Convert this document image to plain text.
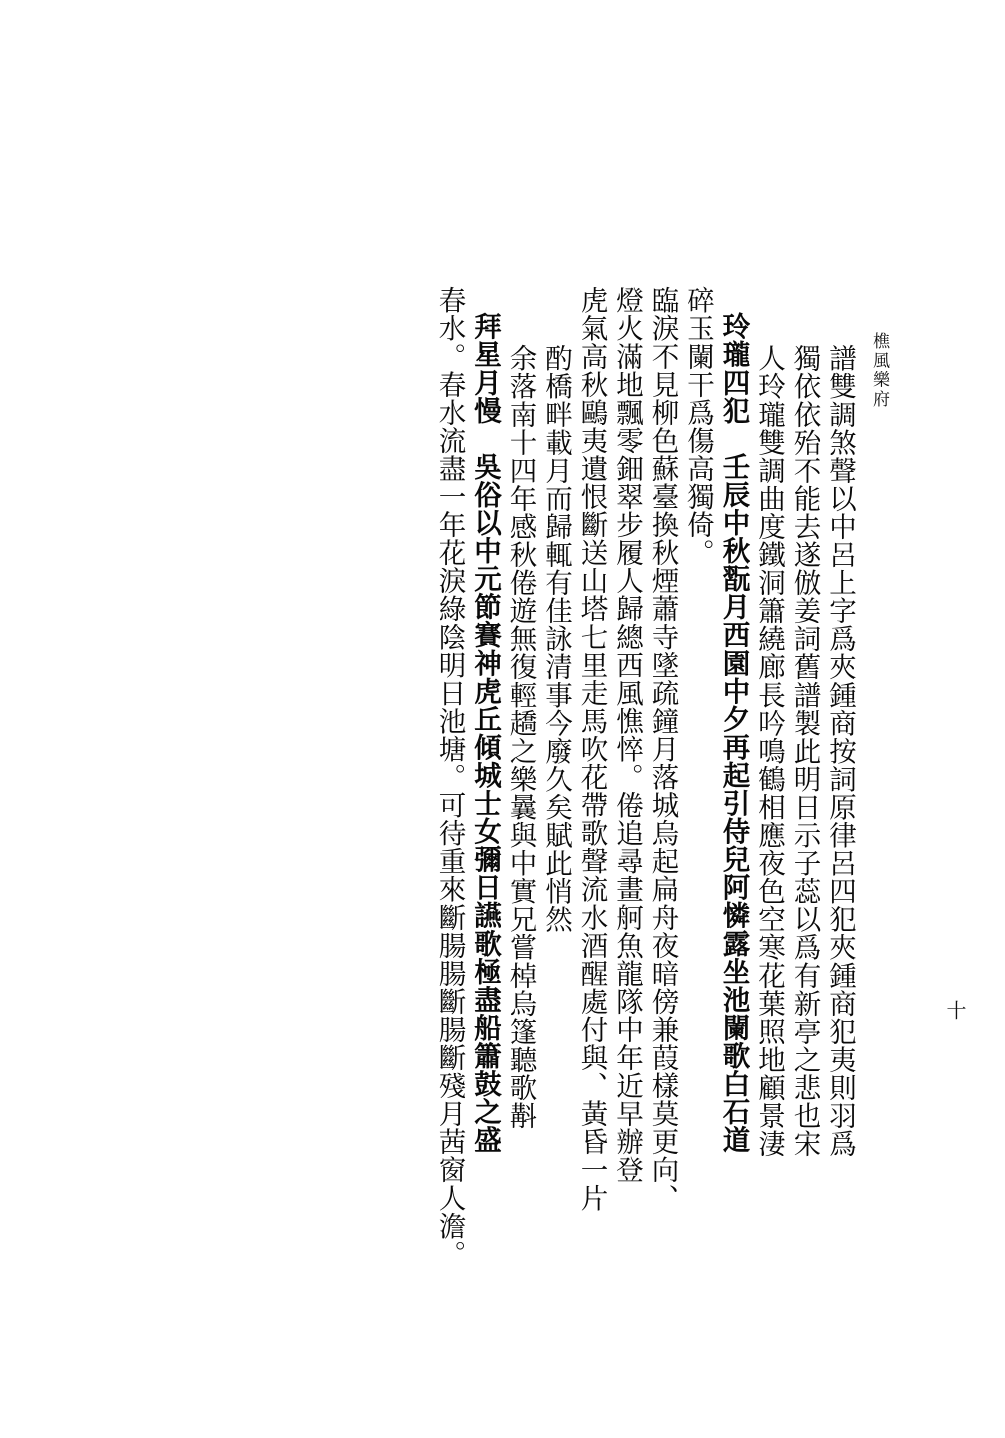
樵風樂府
十
春水。春水流盡一年花淚綠陰明日池塘。可待重來斷腸腸斷腸斷殘月茜窗人澹。 拜星月慢　吳俗以中元節賽神虎丘傾城士女彌日讌歌極盡船簫鼓之盛 余落南十四年感秋倦遊無復輕趫之樂曩與中實兄嘗棹烏篷聽歌斠 酌橋畔載月而歸輒有佳詠清事今廢久矣賦此悄然 虎氣高秋鷗夷遺恨斷送山塔七里走馬吹花帶歌聲流水酒醒處付與、黃昏一片 燈火滿地飄零鈿翠步履人歸總西風憔悴。倦追尋畫舸魚龍隊中年近早辦登 臨淚不見柳色蘇臺換秋煙蕭寺墜疏鐘月落城烏起扁舟夜暗傍兼葭樣莫更向、 碎玉闌干爲傷高獨倚。 玲瓏四犯　壬辰中秋翫月西園中夕再起引侍兒阿憐露坐池闌歌白石道 人玲瓏雙調曲度鐵洞簫繞廊長吟鳴鶴相應夜色空寒花葉照地顧景淒 獨依依殆不能去遂倣姜詞舊譜製此明日示子蕊以爲有新亭之悲也宋 譜雙調煞聲以中呂上字爲夾鍾商按詞原律呂四犯夾鍾商犯夷則羽爲
